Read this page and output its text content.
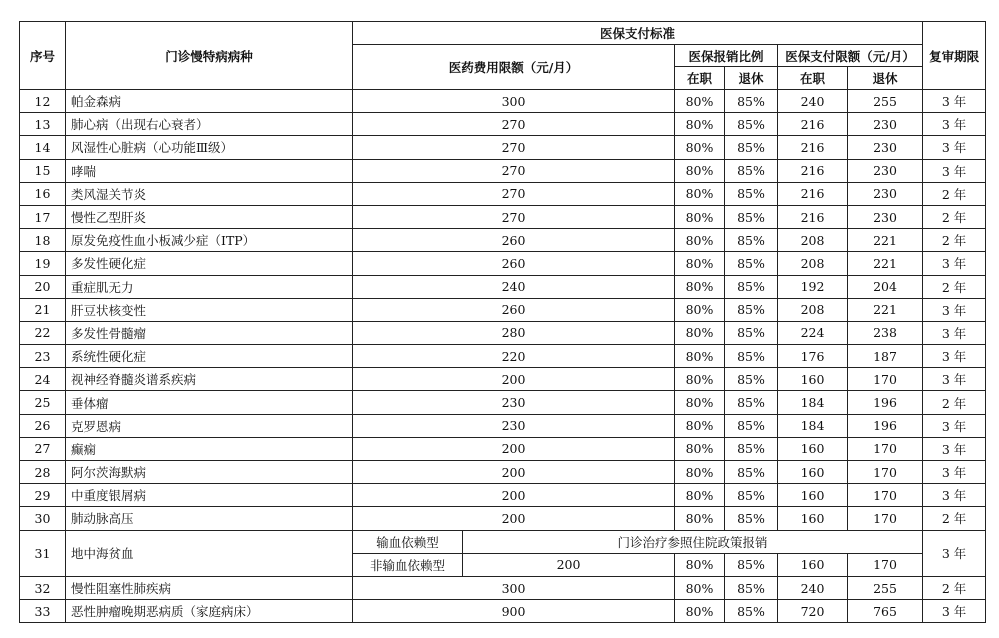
序号	门诊慢特病病种	医保支付标准						复审期限
		医药费用限额（元/月）		医保报销比例		医保支付限额（元/月）		
				在职	退休	在职	退休	
12	帕金森病	300		80%	85%	240	255	3 年
13	肺心病（出现右心衰者）	270		80%	85%	216	230	3 年
14	风湿性心脏病（心功能Ⅲ级）	270		80%	85%	216	230	3 年
15	哮喘	270		80%	85%	216	230	3 年
16	类风湿关节炎	270		80%	85%	216	230	2 年
17	慢性乙型肝炎	270		80%	85%	216	230	2 年
18	原发免疫性血小板减少症（ITP）	260		80%	85%	208	221	2 年
19	多发性硬化症	260		80%	85%	208	221	3 年
20	重症肌无力	240		80%	85%	192	204	2 年
21	肝豆状核变性	260		80%	85%	208	221	3 年
22	多发性骨髓瘤	280		80%	85%	224	238	3 年
23	系统性硬化症	220		80%	85%	176	187	3 年
24	视神经脊髓炎谱系疾病	200		80%	85%	160	170	3 年
25	垂体瘤	230		80%	85%	184	196	2 年
26	克罗恩病	230		80%	85%	184	196	3 年
27	癫痫	200		80%	85%	160	170	3 年
28	阿尔茨海默病	200		80%	85%	160	170	3 年
29	中重度银屑病	200		80%	85%	160	170	3 年
30	肺动脉高压	200		80%	85%	160	170	2 年
31	地中海贫血	输血依赖型	门诊治疗参照住院政策报销					3 年
		非输血依赖型	200	80%	85%	160	170	
32	慢性阻塞性肺疾病	300		80%	85%	240	255	2 年
33	恶性肿瘤晚期恶病质（家庭病床）	900		80%	85%	720	765	3 年
